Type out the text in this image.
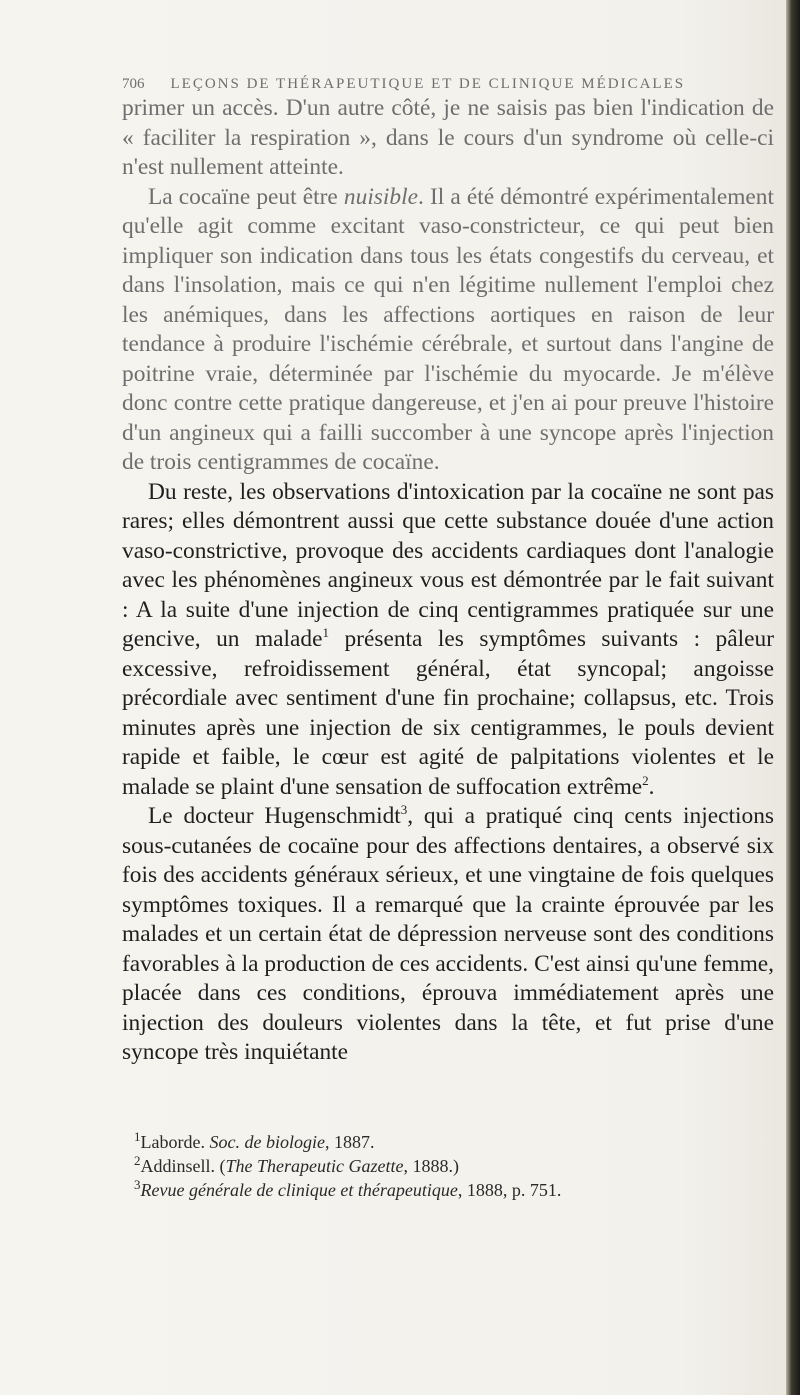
706 LEÇONS DE THÉRAPEUTIQUE ET DE CLINIQUE MÉDICALES

primer un accès. D'un autre côté, je ne saisis pas bien l'indication de « faciliter la respiration », dans le cours d'un syndrome où celle-ci n'est nullement atteinte.

La cocaïne peut être nuisible. Il a été démontré expérimentalement qu'elle agit comme excitant vaso-constricteur, ce qui peut bien impliquer son indication dans tous les états congestifs du cerveau, et dans l'insolation, mais ce qui n'en légitime nullement l'emploi chez les anémiques, dans les affections aortiques en raison de leur tendance à produire l'ischémie cérébrale, et surtout dans l'angine de poitrine vraie, déterminée par l'ischémie du myocarde. Je m'élève donc contre cette pratique dangereuse, et j'en ai pour preuve l'histoire d'un angineux qui a failli succomber à une syncope après l'injection de trois centigrammes de cocaïne.

Du reste, les observations d'intoxication par la cocaïne ne sont pas rares; elles démontrent aussi que cette substance douée d'une action vaso-constrictive, provoque des accidents cardiaques dont l'analogie avec les phénomènes angineux vous est démontrée par le fait suivant : A la suite d'une injection de cinq centigrammes pratiquée sur une gencive, un malade$^1$ présenta les symptômes suivants : pâleur excessive, refroidissement général, état syncopal; angoisse précordiale avec sentiment d'une fin prochaine; collapsus, etc. Trois minutes après une injection de six centigrammes, le pouls devient rapide et faible, le cœur est agité de palpitations violentes et le malade se plaint d'une sensation de suffocation extrême$^2$.

Le docteur Hugenschmidt$^3$, qui a pratiqué cinq cents injections sous-cutanées de cocaïne pour des affections dentaires, a observé six fois des accidents généraux sérieux, et une vingtaine de fois quelques symptômes toxiques. Il a remarqué que la crainte éprouvée par les malades et un certain état de dépression nerveuse sont des conditions favorables à la production de ces accidents. C'est ainsi qu'une femme, placée dans ces conditions, éprouva immédiatement après une injection des douleurs violentes dans la tête, et fut prise d'une syncope très inquiétante

$^1$Laborde. Soc. de biologie, 1887.
$^2$Addinsell. (The Therapeutic Gazette, 1888.)
$^3$Revue générale de clinique et thérapeutique, 1888, p. 751.
